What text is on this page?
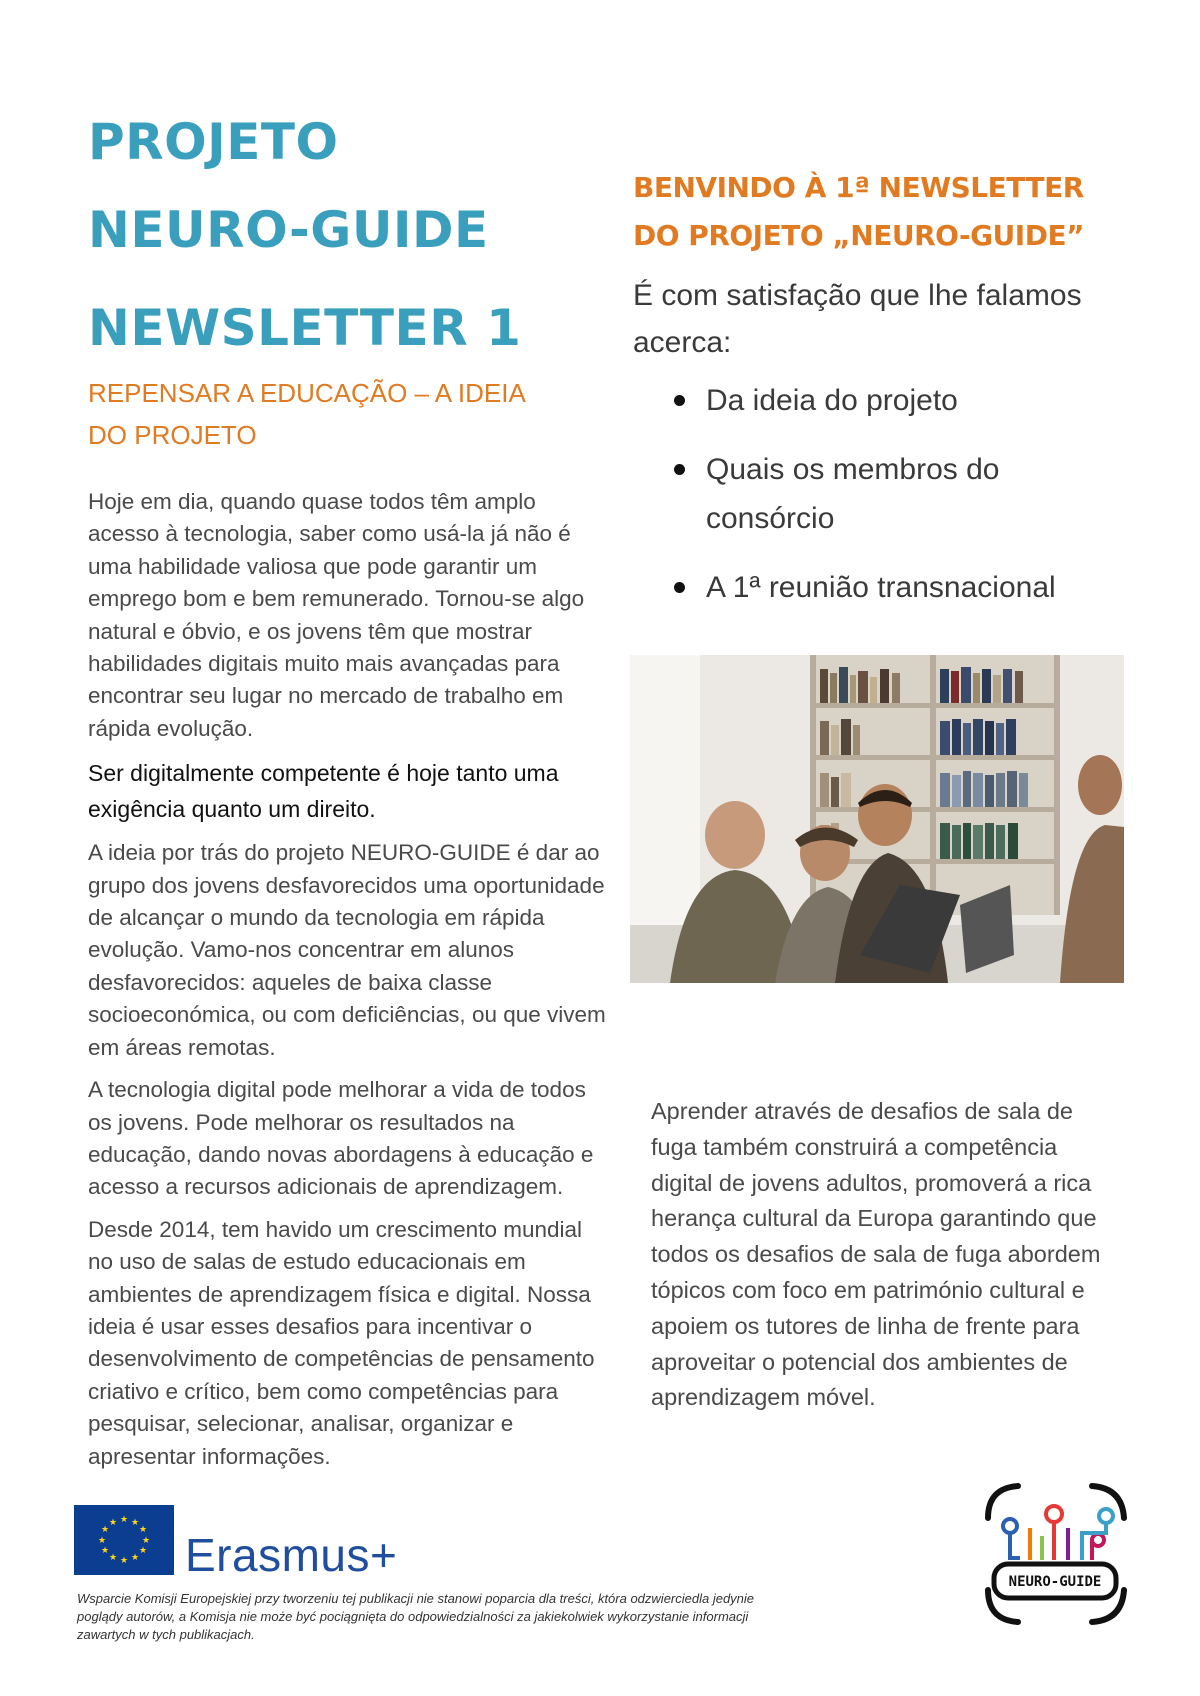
PROJETO
NEURO-GUIDE
NEWSLETTER 1
REPENSAR A EDUCAÇÃO – A IDEIA DO PROJETO

Hoje em dia, quando quase todos têm amplo acesso à tecnologia, saber como usá-la já não é uma habilidade valiosa que pode garantir um emprego bom e bem remunerado. Tornou-se algo natural e óbvio, e os jovens têm que mostrar habilidades digitais muito mais avançadas para encontrar seu lugar no mercado de trabalho em rápida evolução.

Ser digitalmente competente é hoje tanto uma exigência quanto um direito.

A ideia por trás do projeto NEURO-GUIDE é dar ao grupo dos jovens desfavorecidos uma oportunidade de alcançar o mundo da tecnologia em rápida evolução. Vamo-nos concentrar em alunos desfavorecidos: aqueles de baixa classe socioeconómica, ou com deficiências, ou que vivem em áreas remotas.

A tecnologia digital pode melhorar a vida de todos os jovens. Pode melhorar os resultados na educação, dando novas abordagens à educação e acesso a recursos adicionais de aprendizagem.

Desde 2014, tem havido um crescimento mundial no uso de salas de estudo educacionais em ambientes de aprendizagem física e digital. Nossa ideia é usar esses desafios para incentivar o desenvolvimento de competências de pensamento criativo e crítico, bem como competências para pesquisar, selecionar, analisar, organizar e apresentar informações.

BENVINDO À 1ª NEWSLETTER
DO PROJETO „NEURO-GUIDE”
É com satisfação que lhe falamos acerca:
Da ideia do projeto
Quais os membros do consórcio
A 1ª reunião transnacional
Aprender através de desafios de sala de fuga também construirá a competência digital de jovens adultos, promoverá a rica herança cultural da Europa garantindo que todos os desafios de sala de fuga abordem tópicos com foco em património cultural e apoiem os tutores de linha de frente para aproveitar o potencial dos ambientes de aprendizagem móvel.
★ ★
★
★
★
★
★
★
★
★
★
★
Erasmus+
Wsparcie Komisji Europejskiej przy tworzeniu tej publikacji nie stanowi poparcia dla treści, która odzwierciedla jedynie poglądy autorów, a Komisja nie może być pociągnięta do odpowiedzialności za jakiekolwiek wykorzystanie informacji zawartych w tych publikacjach.
NEURO-GUIDE
